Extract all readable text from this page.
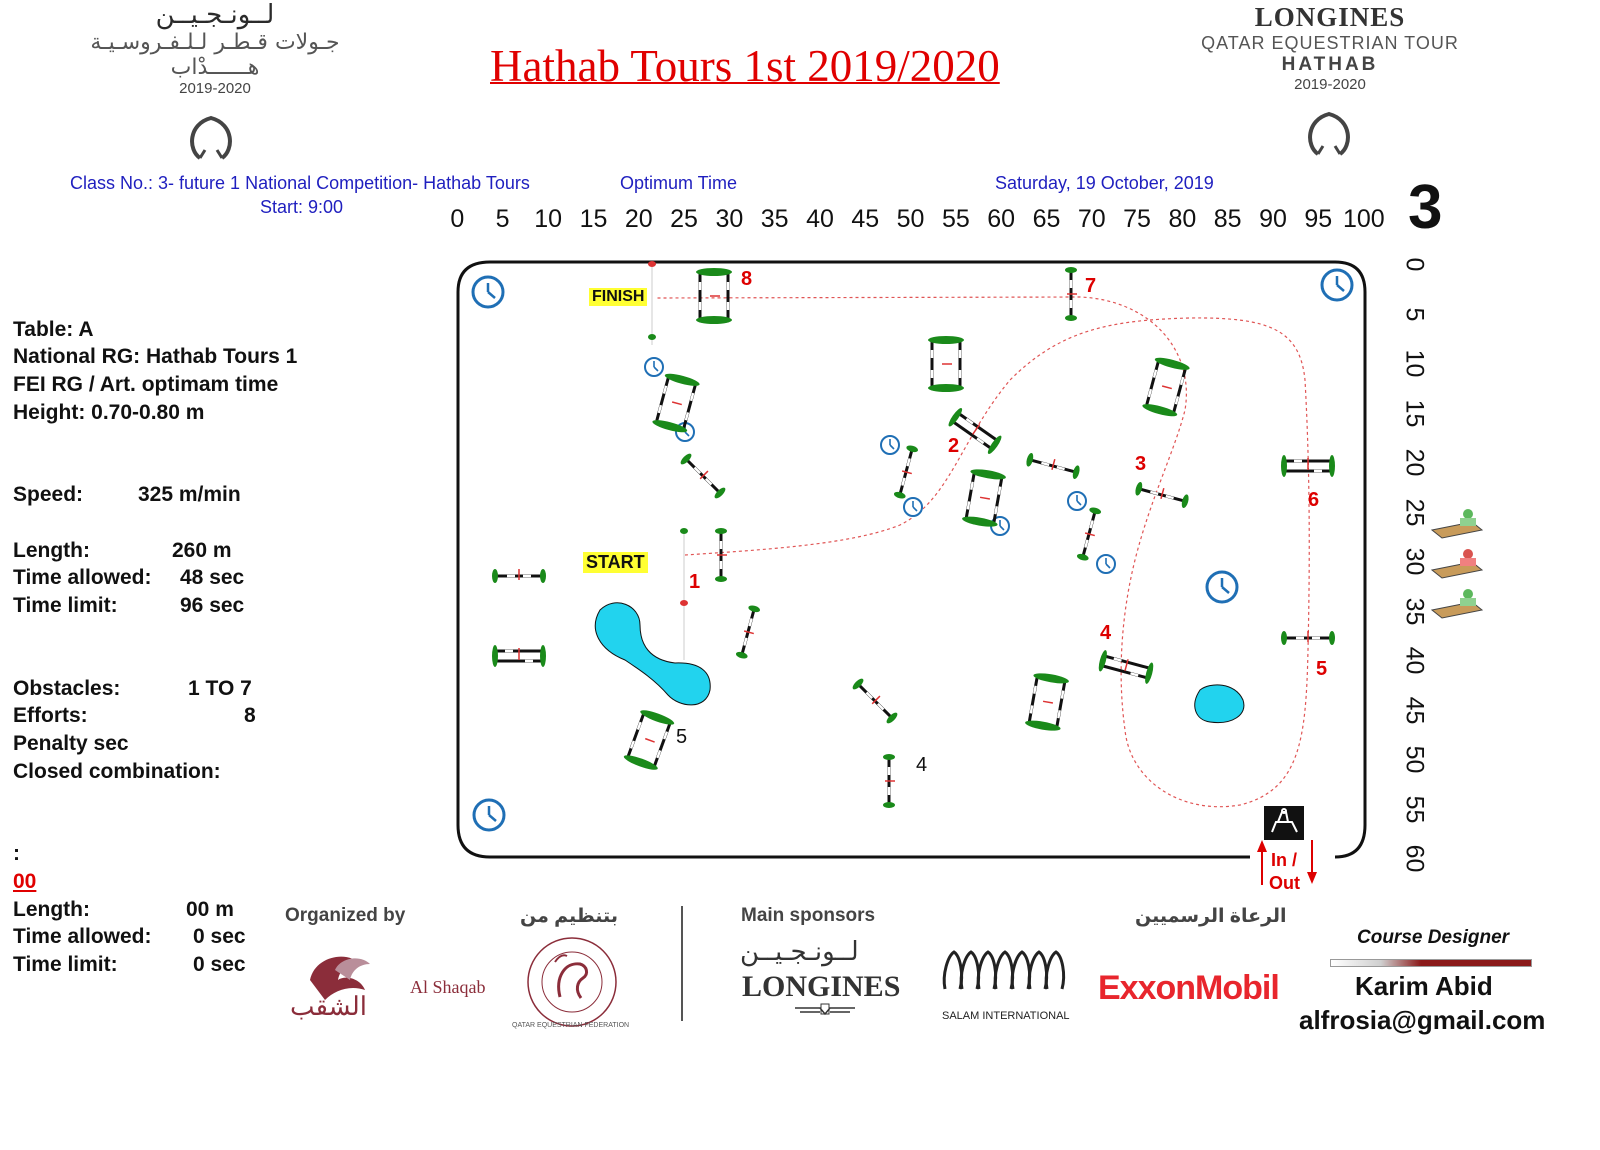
لــونـجـيــن
جـولات قـطـر لـلـفـروسـيـة
هــــــدْاب
2019-2020
LONGINES
QATAR EQUESTRIAN TOUR
HATHAB
2019-2020
Hathab Tours 1st 2019/2020
Class No.: 3- future 1 National Competition- Hathab Tours
Start: 9:00
Optimum Time	Saturday, 19 October, 2019	3
0 5 10 15 20 25 30 35 40 45 50 55 60 65 70 75 80 85 90 95 100
0
5
10
15
20
25
30
35
40
45
50
55
60
Table: A
National RG: Hathab Tours 1
FEI RG / Art. optimam time
Height: 0.70-0.80 m
Speed:	325 m/min
Length:	260 m
Time allowed: 48 sec
Time limit:	96 sec
Obstacles:	1 TO 7
Efforts:	8
Penalty sec
Closed combination:
:
00
Length:	00 m
Time allowed: 0 sec
Time limit:	0 sec
1
2
3
4
5
6
7
8
5
4
In /
Out
FINISH
START
Organized by	بتنظيم من	Main sponsors	الرعاة الرسميين
الشقب
Al Shaqab
QATAR EQUESTRIAN FEDERATION
لــونـجـيــن
LONGINES
SALAM INTERNATIONAL
ExxonMobil
Course Designer
Karim Abid
alfrosia@gmail.com
